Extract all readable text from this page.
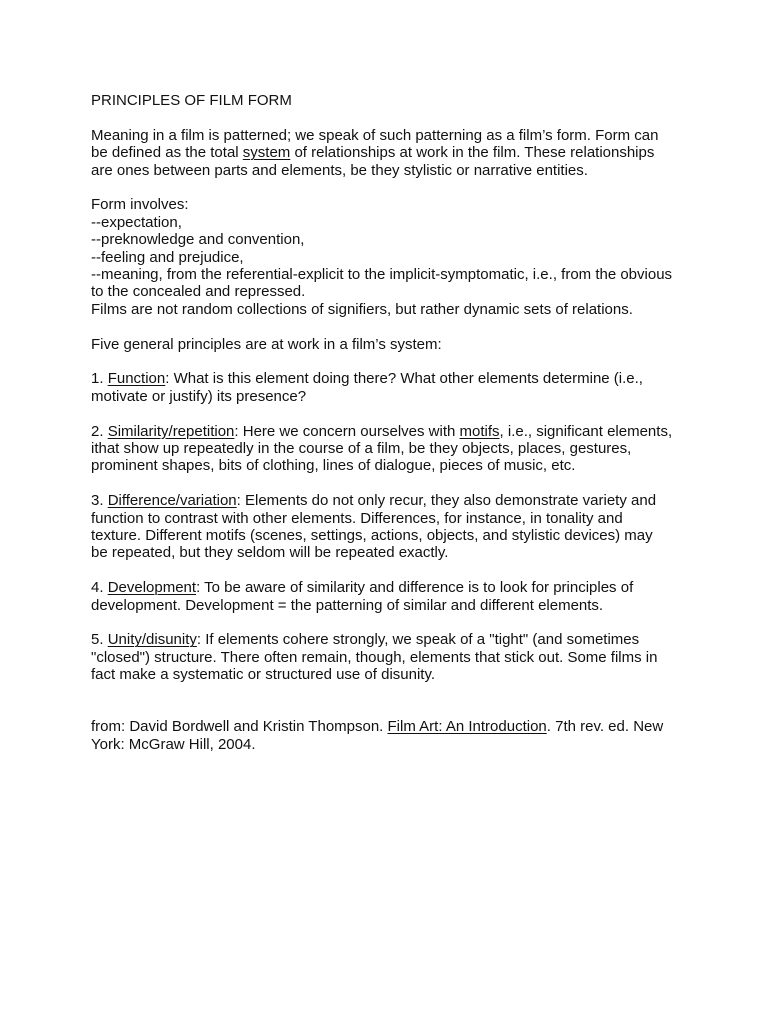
PRINCIPLES OF FILM FORM

Meaning in a film is patterned; we speak of such patterning as a film’s form. Form can
be defined as the total system of relationships at work in the film. These relationships
are ones between parts and elements, be they stylistic or narrative entities.

Form involves:
--expectation,
--preknowledge and convention,
--feeling and prejudice,
--meaning, from the referential-explicit to the implicit-symptomatic, i.e., from the obvious
to the concealed and repressed.
Films are not random collections of signifiers, but rather dynamic sets of relations.

Five general principles are at work in a film’s system:

1. Function: What is this element doing there? What other elements determine (i.e.,
motivate or justify) its presence?

2. Similarity/repetition: Here we concern ourselves with motifs, i.e., significant elements,
ithat show up repeatedly in the course of a film, be they objects, places, gestures,
prominent shapes, bits of clothing, lines of dialogue, pieces of music, etc.

3. Difference/variation: Elements do not only recur, they also demonstrate variety and
function to contrast with other elements. Differences, for instance, in tonality and
texture. Different motifs (scenes, settings, actions, objects, and stylistic devices) may
be repeated, but they seldom will be repeated exactly.

4. Development: To be aware of similarity and difference is to look for principles of
development. Development = the patterning of similar and different elements.

5. Unity/disunity: If elements cohere strongly, we speak of a "tight" (and sometimes
"closed") structure. There often remain, though, elements that stick out. Some films in
fact make a systematic or structured use of disunity.

from: David Bordwell and Kristin Thompson. Film Art: An Introduction. 7th rev. ed. New
York: McGraw Hill, 2004.
